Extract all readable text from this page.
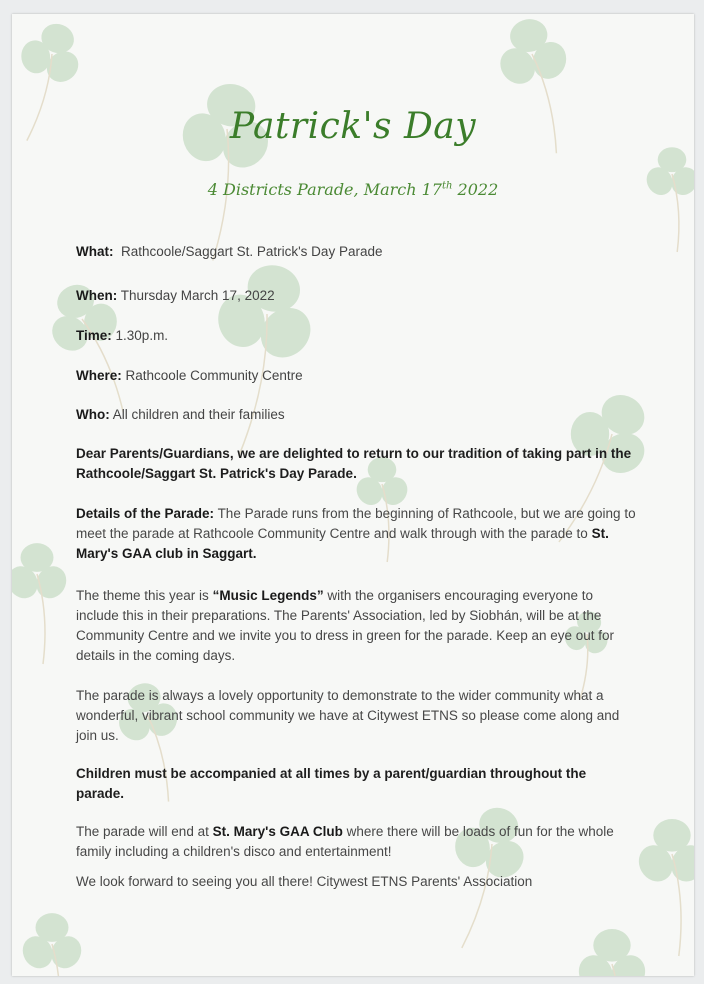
Patrick's Day
4 Districts Parade, March 17th 2022
What: Rathcoole/Saggart St. Patrick's Day Parade
When: Thursday March 17, 2022
Time: 1.30p.m.
Where: Rathcoole Community Centre
Who: All children and their families
Dear Parents/Guardians, we are delighted to return to our tradition of taking part in the Rathcoole/Saggart St. Patrick's Day Parade.
Details of the Parade: The Parade runs from the beginning of Rathcoole, but we are going to meet the parade at Rathcoole Community Centre and walk through with the parade to St. Mary's GAA club in Saggart.
The theme this year is “Music Legends” with the organisers encouraging everyone to include this in their preparations. The Parents' Association, led by Siobhán, will be at the Community Centre and we invite you to dress in green for the parade. Keep an eye out for details in the coming days.
The parade is always a lovely opportunity to demonstrate to the wider community what a wonderful, vibrant school community we have at Citywest ETNS so please come along and join us.
Children must be accompanied at all times by a parent/guardian throughout the parade.
The parade will end at St. Mary's GAA Club where there will be loads of fun for the whole family including a children's disco and entertainment!
We look forward to seeing you all there! Citywest ETNS Parents' Association
